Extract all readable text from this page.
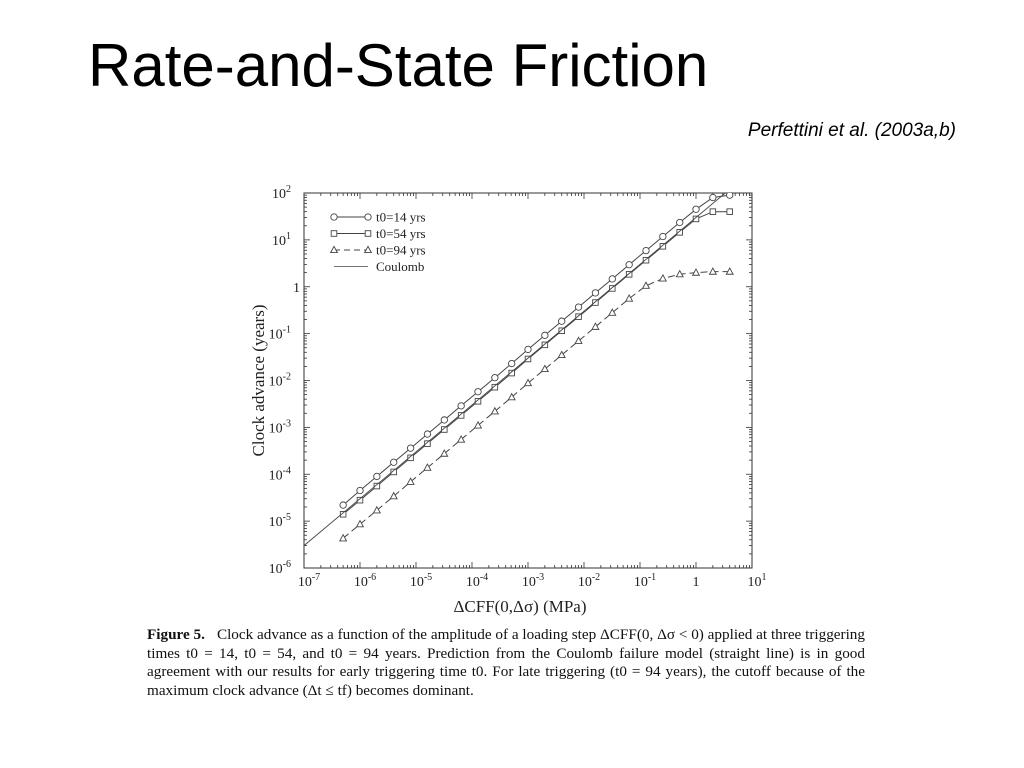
Rate-and-State Friction
Perfettini et al. (2003a,b)
$10^{-7}$ $10^{-6}$ $10^{-5}$ $10^{-4}$ $10^{-3}$ $10^{-2}$ $10^{-1}$	1	$10^1$
$10^{-6}$
$10^{-5}$
$10^{-4}$
$10^{-3}$
$10^{-2}$
$10^{-1}$
1
$10^1$
$10^2$
ΔCFF(0,Δσ) (MPa)
Clock advance (years)
t0=14 yrs
t0=54 yrs
t0=94 yrs
Coulomb
Figure 5. Clock advance as a function of the amplitude of a loading step ΔCFF(0, Δσ < 0) applied at three triggering times t0 = 14, t0 = 54, and t0 = 94 years. Prediction from the Coulomb failure model (straight line) is in good agreement with our results for early triggering time t0. For late triggering (t0 = 94 years), the cutoff because of the maximum clock advance (Δt ≤ tf) becomes dominant.
